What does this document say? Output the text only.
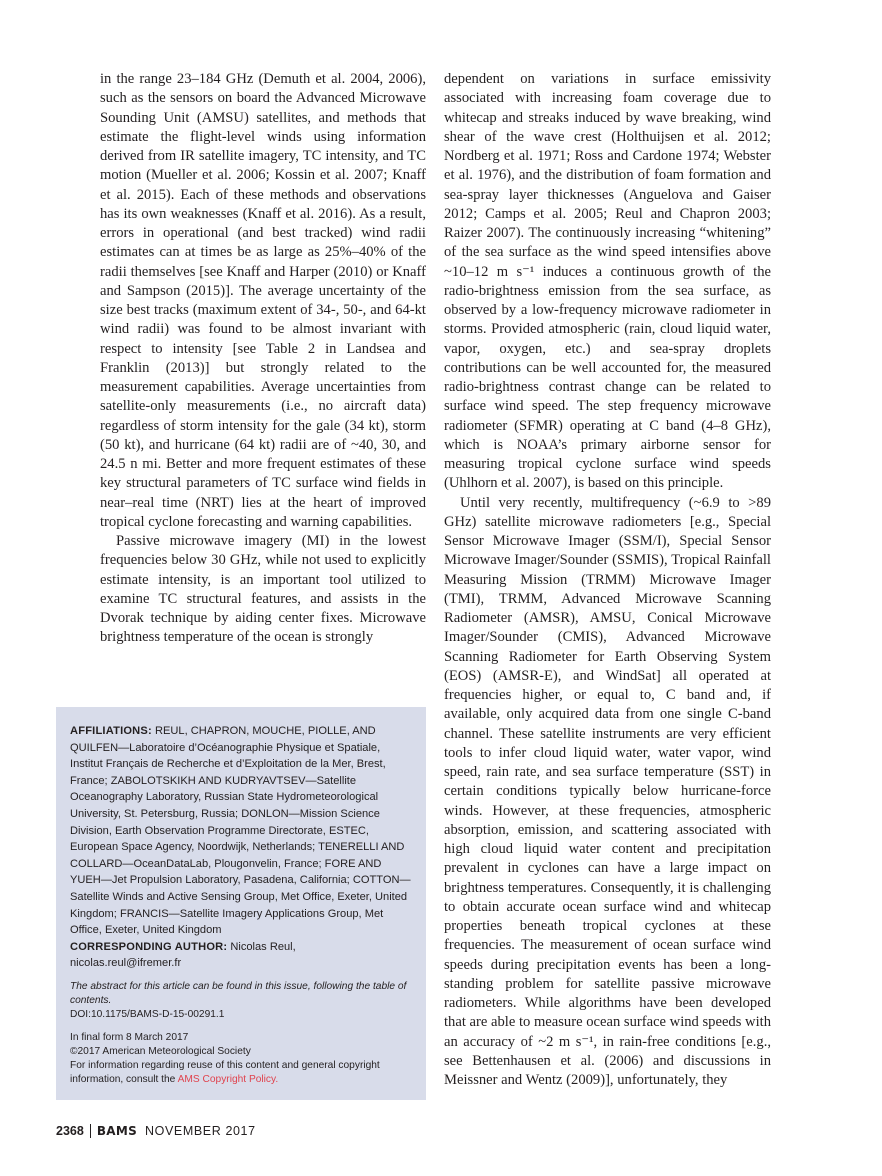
in the range 23–184 GHz (Demuth et al. 2004, 2006), such as the sensors on board the Advanced Microwave Sounding Unit (AMSU) satellites, and methods that estimate the flight-level winds using information derived from IR satellite imagery, TC intensity, and TC motion (Mueller et al. 2006; Kossin et al. 2007; Knaff et al. 2015). Each of these methods and observations has its own weaknesses (Knaff et al. 2016). As a result, errors in operational (and best tracked) wind radii estimates can at times be as large as 25%–40% of the radii themselves [see Knaff and Harper (2010) or Knaff and Sampson (2015)]. The average uncertainty of the size best tracks (maximum extent of 34-, 50-, and 64-kt wind radii) was found to be almost invariant with respect to intensity [see Table 2 in Landsea and Franklin (2013)] but strongly related to the measurement capabilities. Average uncertainties from satellite-only measurements (i.e., no aircraft data) regardless of storm intensity for the gale (34 kt), storm (50 kt), and hurricane (64 kt) radii are of ~40, 30, and 24.5 n mi. Better and more frequent estimates of these key structural parameters of TC surface wind fields in near–real time (NRT) lies at the heart of improved tropical cyclone forecasting and warning capabilities.

Passive microwave imagery (MI) in the lowest frequencies below 30 GHz, while not used to explicitly estimate intensity, is an important tool utilized to examine TC structural features, and assists in the Dvorak technique by aiding center fixes. Microwave brightness temperature of the ocean is strongly

dependent on variations in surface emissivity associated with increasing foam coverage due to whitecap and streaks induced by wave breaking, wind shear of the wave crest (Holthuijsen et al. 2012; Nordberg et al. 1971; Ross and Cardone 1974; Webster et al. 1976), and the distribution of foam formation and sea-spray layer thicknesses (Anguelova and Gaiser 2012; Camps et al. 2005; Reul and Chapron 2003; Raizer 2007). The continuously increasing “whitening” of the sea surface as the wind speed intensifies above ~10–12 m s⁻¹ induces a continuous growth of the radio-brightness emission from the sea surface, as observed by a low-frequency microwave radiometer in storms. Provided atmospheric (rain, cloud liquid water, vapor, oxygen, etc.) and sea-spray droplets contributions can be well accounted for, the measured radio-brightness contrast change can be related to surface wind speed. The step frequency microwave radiometer (SFMR) operating at C band (4–8 GHz), which is NOAA’s primary airborne sensor for measuring tropical cyclone surface wind speeds (Uhlhorn et al. 2007), is based on this principle.

Until very recently, multifrequency (~6.9 to >89 GHz) satellite microwave radiometers [e.g., Special Sensor Microwave Imager (SSM/I), Special Sensor Microwave Imager/Sounder (SSMIS), Tropical Rainfall Measuring Mission (TRMM) Microwave Imager (TMI), TRMM, Advanced Microwave Scanning Radiometer (AMSR), AMSU, Conical Microwave Imager/Sounder (CMIS), Advanced Microwave Scanning Radiometer for Earth Observing System (EOS) (AMSR-E), and WindSat] all operated at frequencies higher, or equal to, C band and, if available, only acquired data from one single C-band channel. These satellite instruments are very efficient tools to infer cloud liquid water, water vapor, wind speed, rain rate, and sea surface temperature (SST) in certain conditions typically below hurricane-force winds. However, at these frequencies, atmospheric absorption, emission, and scattering associated with high cloud liquid water content and precipitation prevalent in cyclones can have a large impact on brightness temperatures. Consequently, it is challenging to obtain accurate ocean surface wind and whitecap properties beneath tropical cyclones at these frequencies. The measurement of ocean surface wind speeds during precipitation events has been a long-standing problem for satellite passive microwave radiometers. While algorithms have been developed that are able to measure ocean surface wind speeds with an accuracy of ~2 m s⁻¹, in rain-free conditions [e.g., see Bettenhausen et al. (2006) and discussions in Meissner and Wentz (2009)], unfortunately, they

AFFILIATIONS: REUL, CHAPRON, MOUCHE, PIOLLE, AND QUILFEN—Laboratoire d’Océanographie Physique et Spatiale, Institut Français de Recherche et d’Exploitation de la Mer, Brest, France; ZABOLOTSKIKH AND KUDRYAVTSEV—Satellite Oceanography Laboratory, Russian State Hydrometeorological University, St. Petersburg, Russia; DONLON—Mission Science Division, Earth Observation Programme Directorate, ESTEC, European Space Agency, Noordwijk, Netherlands; TENERELLI AND COLLARD—OceanDataLab, Plougonvelin, France; FORE AND YUEH—Jet Propulsion Laboratory, Pasadena, California; COTTON—Satellite Winds and Active Sensing Group, Met Office, Exeter, United Kingdom; FRANCIS—Satellite Imagery Applications Group, Met Office, Exeter, United Kingdom

CORRESPONDING AUTHOR: Nicolas Reul,
nicolas.reul@ifremer.fr

The abstract for this article can be found in this issue, following the table of contents.

DOI:10.1175/BAMS-D-15-00291.1

In final form 8 March 2017

©2017 American Meteorological Society

For information regarding reuse of this content and general copyright information, consult the AMS Copyright Policy.

2368 BAMS NOVEMBER 2017
